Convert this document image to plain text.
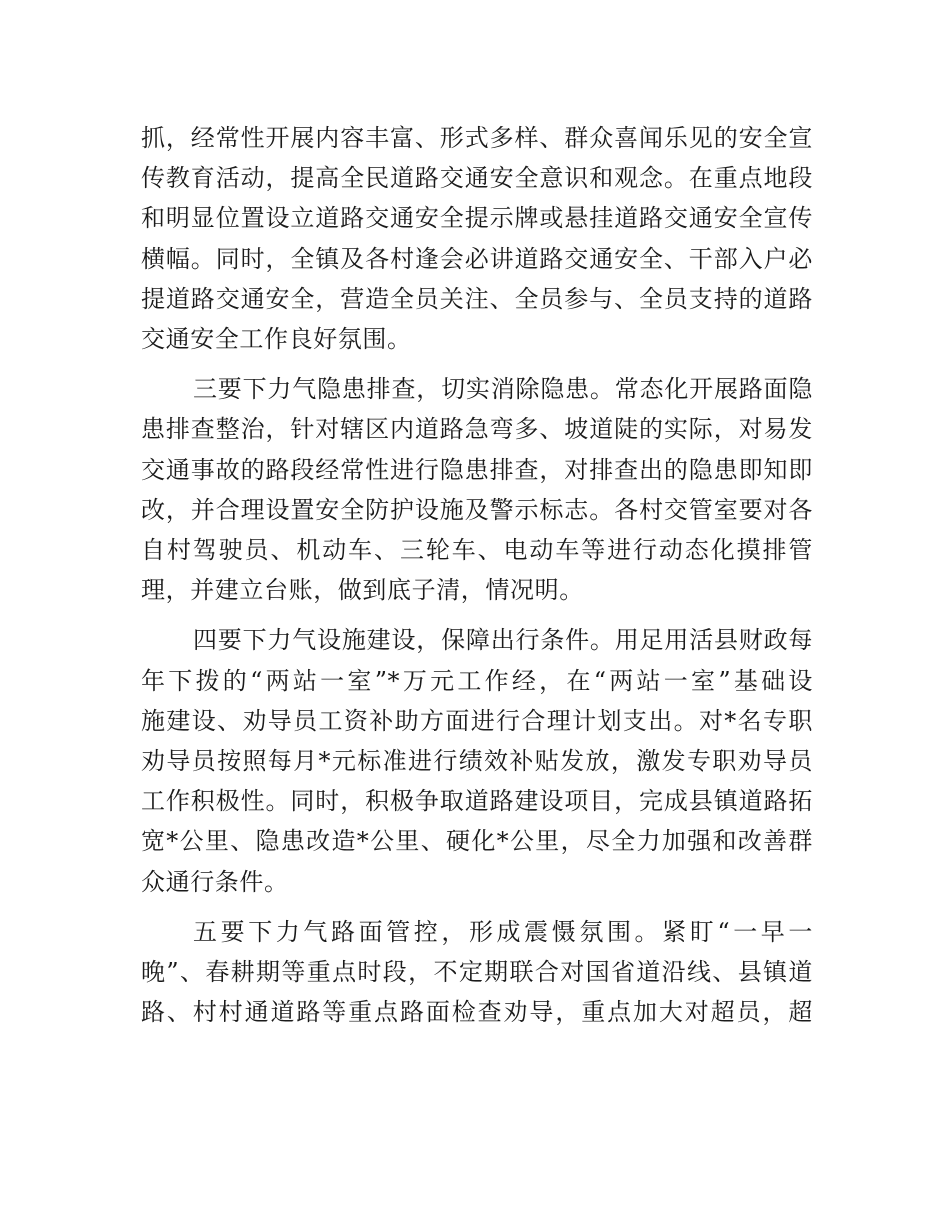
抓，经常性开展内容丰富、形式多样、群众喜闻乐见的安全宣
传教育活动，提高全民道路交通安全意识和观念。在重点地段
和明显位置设立道路交通安全提示牌或悬挂道路交通安全宣传
横幅。同时，全镇及各村逢会必讲道路交通安全、干部入户必
提道路交通安全，营造全员关注、全员参与、全员支持的道路
交通安全工作良好氛围。
三要下力气隐患排查，切实消除隐患。常态化开展路面隐
患排查整治，针对辖区内道路急弯多、坡道陡的实际，对易发
交通事故的路段经常性进行隐患排查，对排查出的隐患即知即
改，并合理设置安全防护设施及警示标志。各村交管室要对各
自村驾驶员、机动车、三轮车、电动车等进行动态化摸排管
理，并建立台账，做到底子清，情况明。
四要下力气设施建设，保障出行条件。用足用活县财政每
年下拨的“两站一室”*万元工作经，在“两站一室”基础设
施建设、劝导员工资补助方面进行合理计划支出。对*名专职
劝导员按照每月*元标准进行绩效补贴发放，激发专职劝导员
工作积极性。同时，积极争取道路建设项目，完成县镇道路拓
宽*公里、隐患改造*公里、硬化*公里，尽全力加强和改善群
众通行条件。
五要下力气路面管控，形成震慑氛围。紧盯“一早一
晚”、春耕期等重点时段，不定期联合对国省道沿线、县镇道
路、村村通道路等重点路面检查劝导，重点加大对超员，超
